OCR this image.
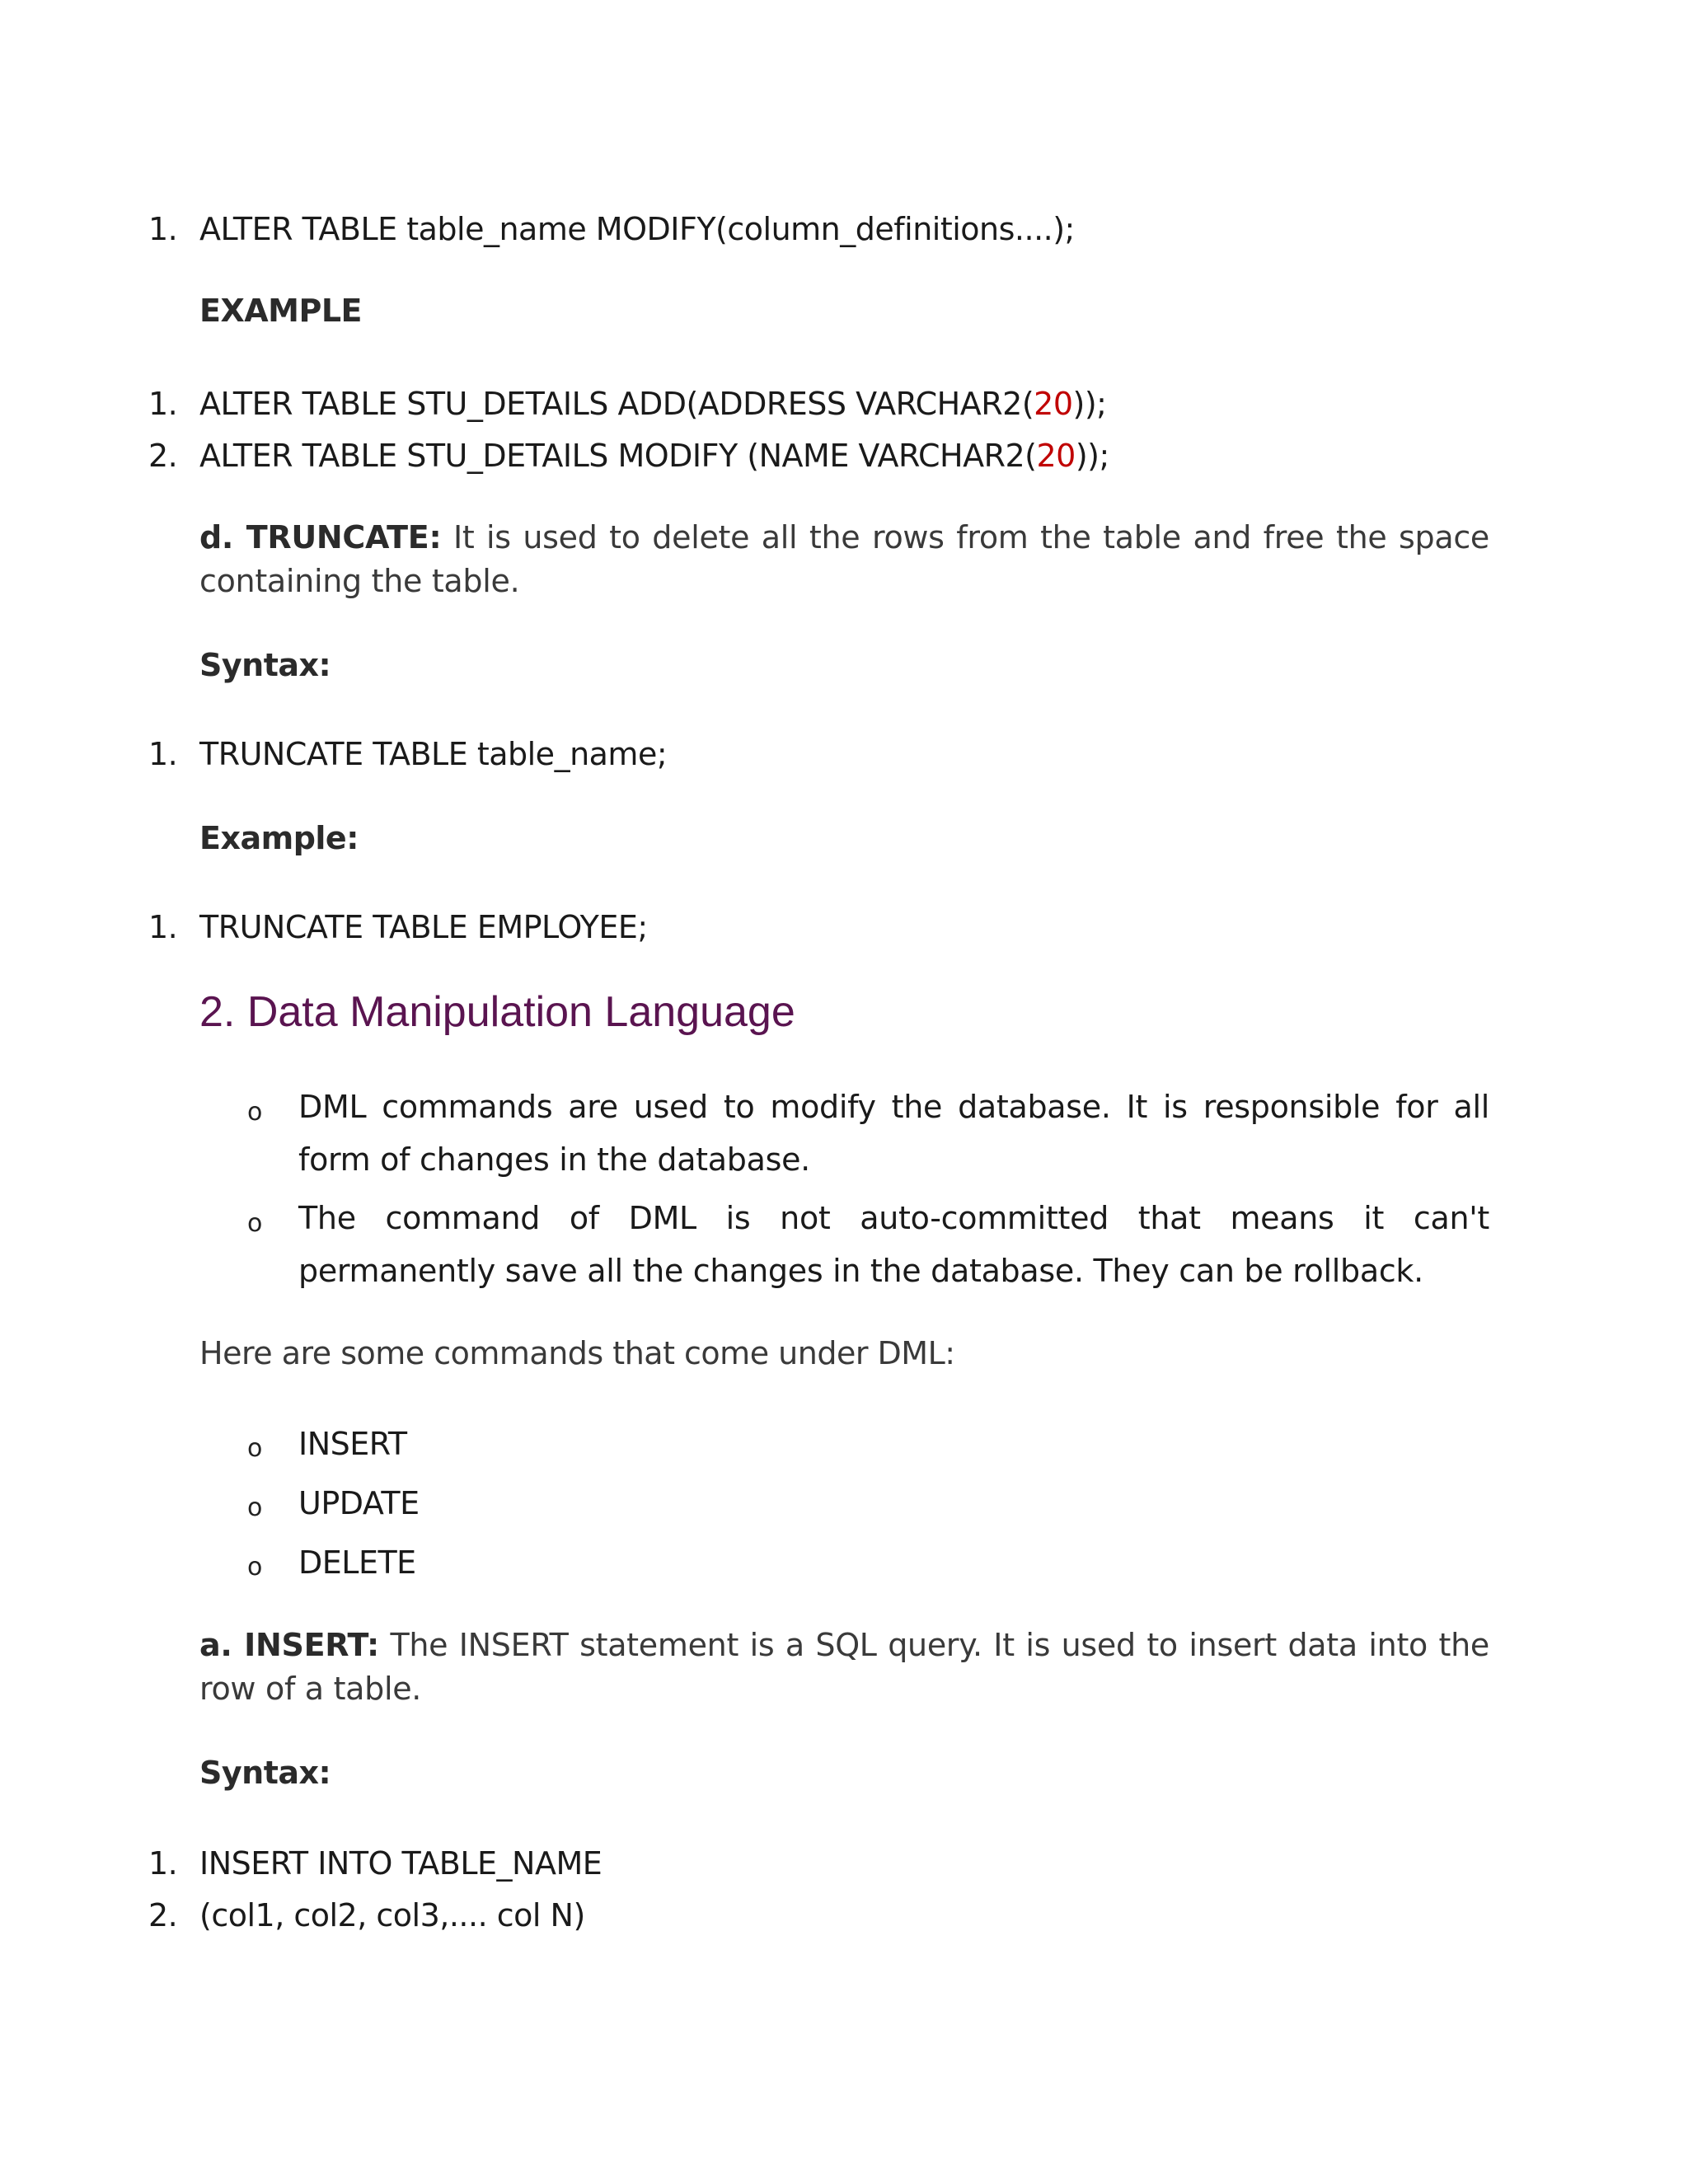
1. ALTER TABLE table_name MODIFY(column_definitions....);
EXAMPLE
1. ALTER TABLE STU_DETAILS ADD(ADDRESS VARCHAR2(20));
2. ALTER TABLE STU_DETAILS MODIFY (NAME VARCHAR2(20));
d. TRUNCATE: It is used to delete all the rows from the table and free the space containing the table.
Syntax:
1. TRUNCATE TABLE table_name;
Example:
1. TRUNCATE TABLE EMPLOYEE;
2. Data Manipulation Language
o DML commands are used to modify the database. It is responsible for all form of changes in the database.
o The command of DML is not auto-committed that means it can't permanently save all the changes in the database. They can be rollback.
Here are some commands that come under DML:
o INSERT
o UPDATE
o DELETE
a. INSERT: The INSERT statement is a SQL query. It is used to insert data into the row of a table.
Syntax:
1. INSERT INTO TABLE_NAME
2. (col1, col2, col3,.... col N)
